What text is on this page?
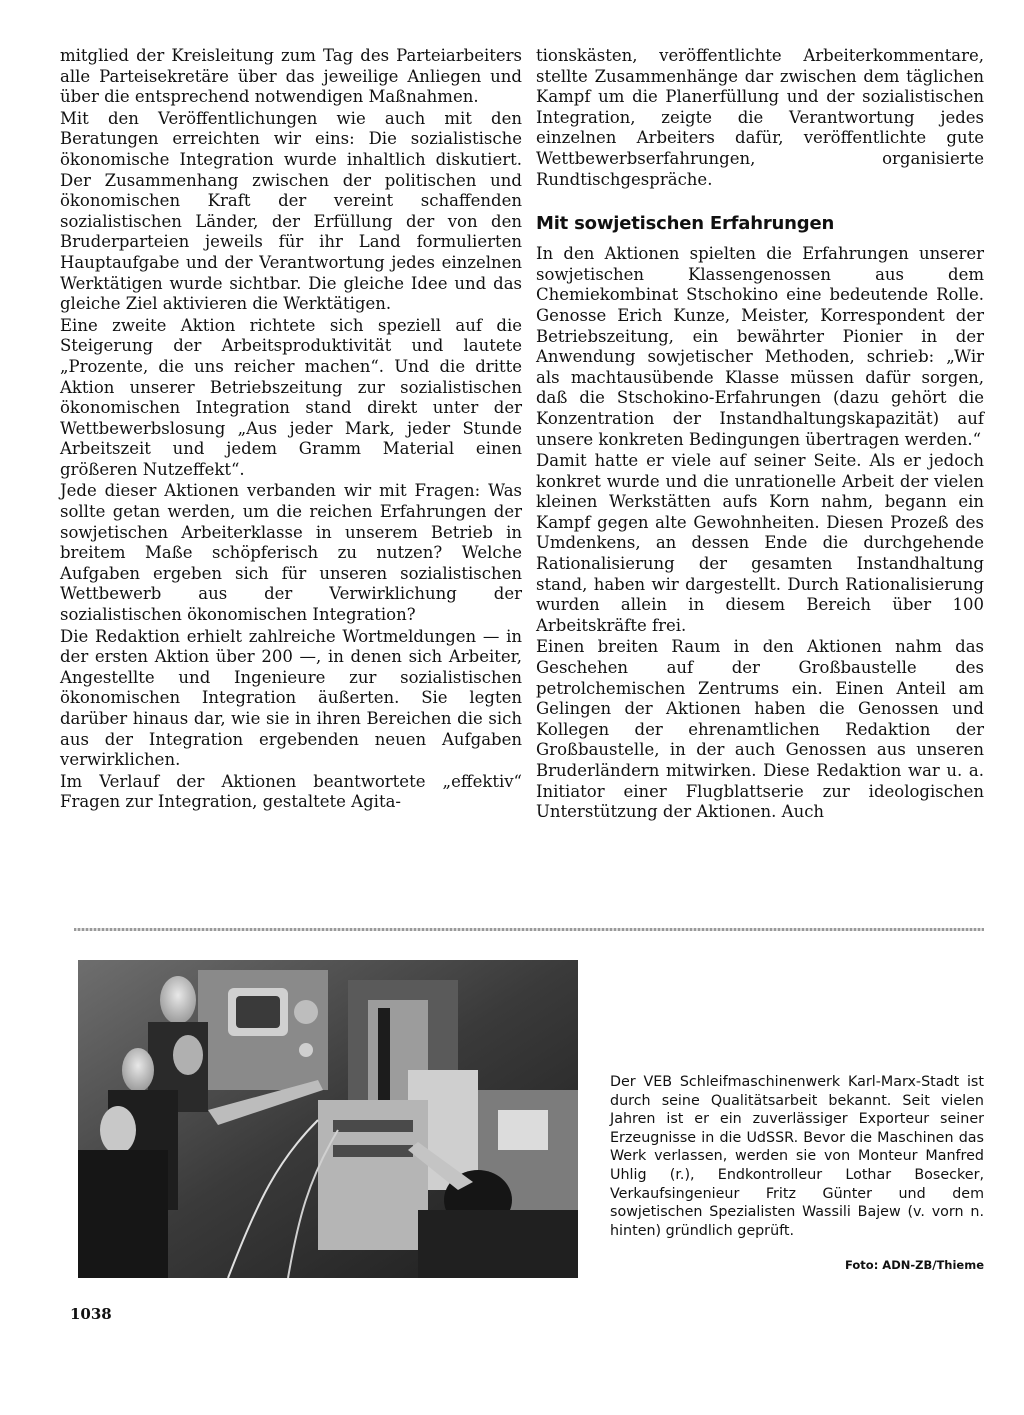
mitglied der Kreisleitung zum Tag des Parteiarbeiters alle Parteisekretäre über das jeweilige Anliegen und über die entsprechend notwendigen Maßnahmen.

Mit den Veröffentlichungen wie auch mit den Beratungen erreichten wir eins: Die sozialistische ökonomische Integration wurde inhaltlich diskutiert. Der Zusammenhang zwischen der politischen und ökonomischen Kraft der vereint schaffenden sozialistischen Länder, der Erfüllung der von den Bruderparteien jeweils für ihr Land formulierten Hauptaufgabe und der Verantwortung jedes einzelnen Werktätigen wurde sichtbar. Die gleiche Idee und das gleiche Ziel aktivieren die Werktätigen.

Eine zweite Aktion richtete sich speziell auf die Steigerung der Arbeitsproduktivität und lautete „Prozente, die uns reicher machen“. Und die dritte Aktion unserer Betriebszeitung zur sozialistischen ökonomischen Integration stand direkt unter der Wettbewerbslosung „Aus jeder Mark, jeder Stunde Arbeitszeit und jedem Gramm Material einen größeren Nutzeffekt“.

Jede dieser Aktionen verbanden wir mit Fragen: Was sollte getan werden, um die reichen Erfahrungen der sowjetischen Arbeiterklasse in unserem Betrieb in breitem Maße schöpferisch zu nutzen? Welche Aufgaben ergeben sich für unseren sozialistischen Wettbewerb aus der Verwirklichung der sozialistischen ökonomischen Integration?

Die Redaktion erhielt zahlreiche Wortmeldungen — in der ersten Aktion über 200 —, in denen sich Arbeiter, Angestellte und Ingenieure zur sozialistischen ökonomischen Integration äußerten. Sie legten darüber hinaus dar, wie sie in ihren Bereichen die sich aus der Integration ergebenden neuen Aufgaben verwirklichen.

Im Verlauf der Aktionen beantwortete „effektiv“ Fragen zur Integration, gestaltete Agita-

tionskästen, veröffentlichte Arbeiterkommentare, stellte Zusammenhänge dar zwischen dem täglichen Kampf um die Planerfüllung und der sozialistischen Integration, zeigte die Verantwortung jedes einzelnen Arbeiters dafür, veröffentlichte gute Wettbewerbserfahrungen, organisierte Rundtischgespräche.

Mit sowjetischen Erfahrungen

In den Aktionen spielten die Erfahrungen unserer sowjetischen Klassengenossen aus dem Chemiekombinat Stschokino eine bedeutende Rolle. Genosse Erich Kunze, Meister, Korrespondent der Betriebszeitung, ein bewährter Pionier in der Anwendung sowjetischer Methoden, schrieb: „Wir als machtausübende Klasse müssen dafür sorgen, daß die Stschokino-Erfahrungen (dazu gehört die Konzentration der Instandhaltungskapazität) auf unsere konkreten Bedingungen übertragen werden.“

Damit hatte er viele auf seiner Seite. Als er jedoch konkret wurde und die unrationelle Arbeit der vielen kleinen Werkstätten aufs Korn nahm, begann ein Kampf gegen alte Gewohnheiten. Diesen Prozeß des Umdenkens, an dessen Ende die durchgehende Rationalisierung der gesamten Instandhaltung stand, haben wir dargestellt. Durch Rationalisierung wurden allein in diesem Bereich über 100 Arbeitskräfte frei.

Einen breiten Raum in den Aktionen nahm das Geschehen auf der Großbaustelle des petrolchemischen Zentrums ein. Einen Anteil am Gelingen der Aktionen haben die Genossen und Kollegen der ehrenamtlichen Redaktion der Großbaustelle, in der auch Genossen aus unseren Bruderländern mitwirken. Diese Redaktion war u. a. Initiator einer Flugblattserie zur ideologischen Unterstützung der Aktionen. Auch

Der VEB Schleifmaschinenwerk Karl-Marx-Stadt ist durch seine Qualitätsarbeit bekannt. Seit vielen Jahren ist er ein zuverlässiger Exporteur seiner Erzeugnisse in die UdSSR. Bevor die Maschinen das Werk verlassen, werden sie von Monteur Manfred Uhlig (r.), Endkontrolleur Lothar Bosecker, Verkaufsingenieur Fritz Günter und dem sowjetischen Spezialisten Wassili Bajew (v. vorn n. hinten) gründlich geprüft.
Foto: ADN-ZB/Thieme
1038
